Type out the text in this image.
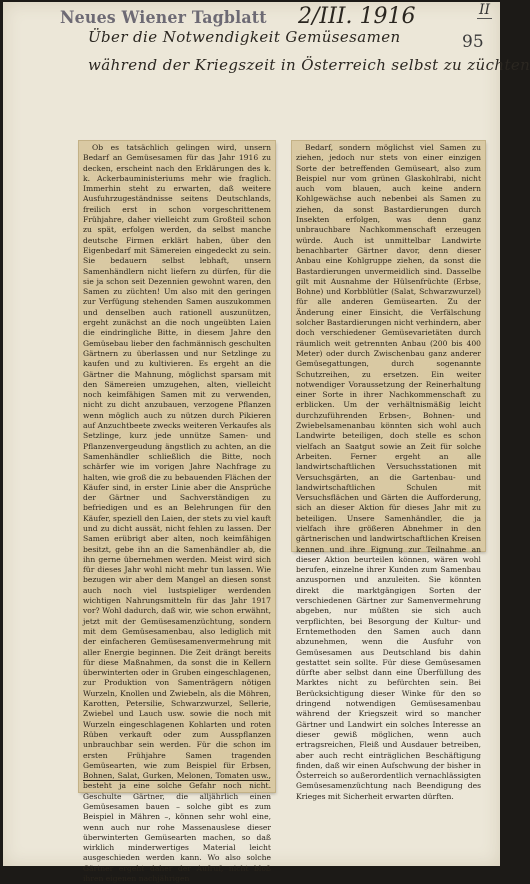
Neues Wiener Tagblatt 2/III. 1916	II
95
Über die Notwendigkeit Gemüsesamen
während der Kriegszeit in Österreich selbst zu züchten

Ob es tatsächlich gelingen wird, unsern Bedarf an Gemüsesamen für das Jahr 1916 zu decken, erscheint nach den Erklärungen des k. k. Ackerbauministeriums mehr wie fraglich. Immerhin steht zu erwarten, daß weitere Ausfuhrzugeständnisse seitens Deutschlands, freilich erst in schon vorgeschrittenem Frühjahre, daher vielleicht zum Großteil schon zu spät, erfolgen werden, da selbst manche deutsche Firmen erklärt haben, über den Eigenbedarf mit Sämereien eingedeckt zu sein. Sie bedauern selbst lebhaft, unsern Samenhändlern nicht liefern zu dürfen, für die sie ja schon seit Dezennien gewohnt waren, den Samen zu züchten! Um also mit den geringen zur Verfügung stehenden Samen auszukommen und denselben auch rationell auszunützen, ergeht zunächst an die noch ungeübten Laien die eindringliche Bitte, in diesem Jahre den Gemüsebau lieber den fachmännisch geschulten Gärtnern zu überlassen und nur Setzlinge zu kaufen und zu kultivieren. Es ergeht an die Gärtner die Mahnung, möglichst sparsam mit den Sämereien umzugehen, alten, vielleicht noch keimfähigen Samen mit zu verwenden, nicht zu dicht anzubauen, verzogene Pflanzen wenn möglich auch zu nützen durch Pikieren auf Anzuchtbeete zwecks weiteren Verkaufes als Setzlinge, kurz jede unnütze Samen- und Pflanzenvergeudung ängstlich zu achten, an die Samenhändler schließlich die Bitte, noch schärfer wie im vorigen Jahre Nachfrage zu halten, wie groß die zu bebauenden Flächen der Käufer sind, in erster Linie aber die Ansprüche der Gärtner und Sachverständigen zu befriedigen und es an Belehrungen für den Käufer, speziell den Laien, der stets zu viel kauft und zu dicht aussät, nicht fehlen zu lassen. Der Samen erübrigt aber alten, noch keimfähigen besitzt, gebe ihn an die Samenhändler ab, die ihn gerne übernehmen werden. Meist wird sich für dieses Jahr wohl nicht mehr tun lassen. Wie bezugen wir aber dem Mangel an diesen sonst auch noch viel lustspieliger werdenden wichtigen Nahrungsmitteln für das Jahr 1917 vor? Wohl dadurch, daß wir, wie schon erwähnt, jetzt mit der Gemüsesamenzüchtung, sondern mit dem Gemüsesamenbau, also lediglich mit der einfacheren Gemüsesamenvermehrung mit aller Energie beginnen. Die Zeit drängt bereits für diese Maßnahmen, da sonst die in Kellern überwinterten oder in Gruben eingeschlagenen, zur Produktion von Samenträgern nötigen Wurzeln, Knollen und Zwiebeln, als die Möhren, Karotten, Petersilie, Schwarzwurzel, Sellerie, Zwiebel und Lauch usw. sowie die noch mit Wurzeln eingeschlagenen Kohlarten und roten Rüben verkauft oder zum Ausspflanzen unbrauchbar sein werden. Für die schon im ersten Frühjahre Samen tragenden Gemüsearten, wie zum Beispiel für Erbsen, Bohnen, Salat, Gurken, Melonen, Tomaten usw., besteht ja eine solche Gefahr noch nicht. Geschulte Gärtner, die alljährlich einen Gemüsesamen bauen – solche gibt es zum Beispiel in Mähren –, können sehr wohl eine, wenn auch nur rohe Massenauslese dieser überwinterten Gemüsearten machen, so daß wirklich minderwertiges Material leicht ausgeschieden werden kann. Wo also solche Gärtner ergeht daher der Aufruf, nicht bloß ihren eigenen nachjährigen

Bedarf, sondern möglichst viel Samen zu ziehen, jedoch nur stets von einer einzigen Sorte der betreffenden Gemüseart, also zum Beispiel nur vom grünen Glaskohlrabi, nicht auch vom blauen, auch keine andern Kohlgewächse auch nebenbei als Samen zu ziehen, da sonst Bastardierungen durch Insekten erfolgen, was denn ganz unbrauchbare Nachkommenschaft erzeugen würde. Auch ist unmittelbar Landwirte benachbarter Gärtner davor, denn dieser Anbau eine Kohlgruppe ziehen, da sonst die Bastardierungen unvermeidlich sind. Dasselbe gilt mit Ausnahme der Hülsenfrüchte (Erbse, Bohne) und Korbblütler (Salat, Schwarzwurzel) für alle anderen Gemüsearten. Zu der Änderung einer Einsicht, die Verfälschung solcher Bastardierungen nicht verhindern, aber doch verschiedener Gemüsevarietäten durch räumlich weit getrennten Anbau (200 bis 400 Meter) oder durch Zwischenbau ganz anderer Gemüsegattungen, durch sogenannte Schutzreihen, zu ersetzen. Ein weiter notwendiger Voraussetzung der Reinerhaltung einer Sorte in ihrer Nachkommenschaft zu erblicken. Um der verhältnismäßig leicht durchzuführenden Erbsen-, Bohnen- und Zwiebelsamenanbau könnten sich wohl auch Landwirte beteiligen, doch stelle es schon vielfach an Saatgut sowie an Zeit für solche Arbeiten. Ferner ergeht an alle landwirtschaftlichen Versuchsstationen mit Versuchsgärten, an die Gartenbau- und landwirtschaftlichen Schulen mit Versuchsflächen und Gärten die Aufforderung, sich an dieser Aktion für dieses Jahr mit zu beteiligen. Unsere Samenhändler, die ja vielfach ihre größeren Abnehmer in den gärtnerischen und landwirtschaftlichen Kreisen kennen und ihre Eignung zur Teilnahme an dieser Aktion beurteilen können, wären wohl berufen, einzelne ihrer Kunden zum Samenbau anzuspornen und anzuleiten. Sie könnten direkt die marktgängigen Sorten der verschiedenen Gärtner zur Samenvermehrung abgeben, nur müßten sie sich auch verpflichten, bei Besorgung der Kultur- und Erntemethoden den Samen auch dann abzunehmen, wenn die Ausfuhr von Gemüsesamen aus Deutschland bis dahin gestattet sein sollte. Für diese Gemüsesamen dürfte aber selbst dann eine Überfüllung des Marktes nicht zu befürchten sein. Bei Berücksichtigung dieser Winke für den so dringend notwendigen Gemüsesamenbau während der Kriegszeit wird so mancher Gärtner und Landwirt ein solches Interesse an dieser gewiß möglichen, wenn auch ertragsreichen, Fleiß und Ausdauer betreiben, aber auch recht einträglichen Beschäftigung finden, daß wir einen Aufschwung der bisher in Österreich so außerordentlich vernachlässigten Gemüsesamenzüchtung nach Beendigung des Krieges mit Sicherheit erwarten dürften.
